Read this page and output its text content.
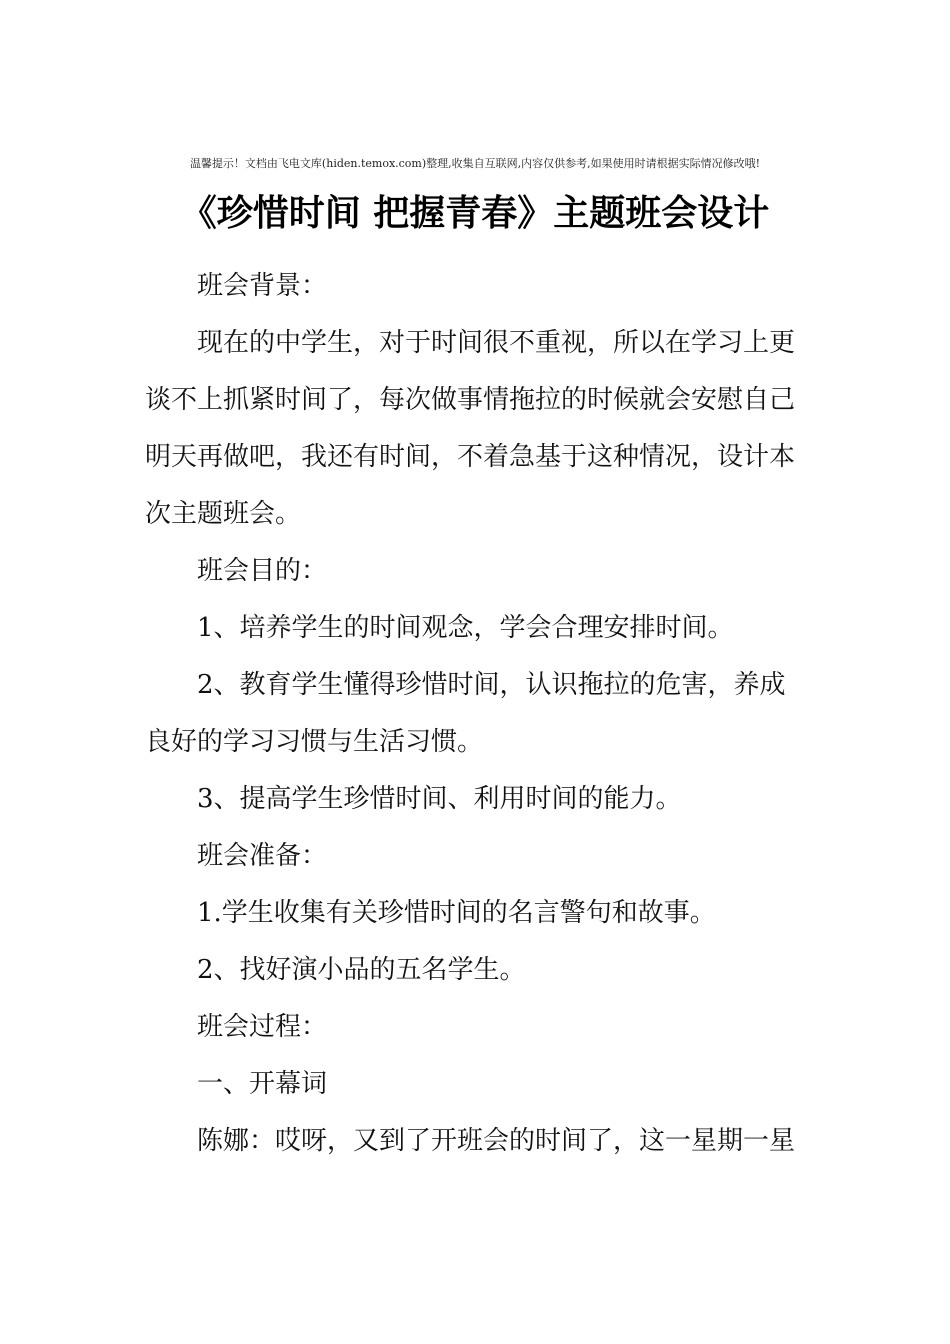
温馨提示！文档由飞电文库(hiden.temox.com)整理,收集自互联网,内容仅供参考,如果使用时请根据实际情况修改哦!
《珍惜时间 把握青春》主题班会设计

班会背景：

现在的中学生，对于时间很不重视，所以在学习上更谈不上抓紧时间了，每次做事情拖拉的时候就会安慰自己明天再做吧，我还有时间，不着急基于这种情况，设计本次主题班会。

班会目的：

1、培养学生的时间观念，学会合理安排时间。

2、教育学生懂得珍惜时间，认识拖拉的危害，养成良好的学习习惯与生活习惯。

3、提高学生珍惜时间、利用时间的能力。

班会准备：

1.学生收集有关珍惜时间的名言警句和故事。

2、找好演小品的五名学生。

班会过程：

一、开幕词

陈娜：哎呀，又到了开班会的时间了，这一星期一星
